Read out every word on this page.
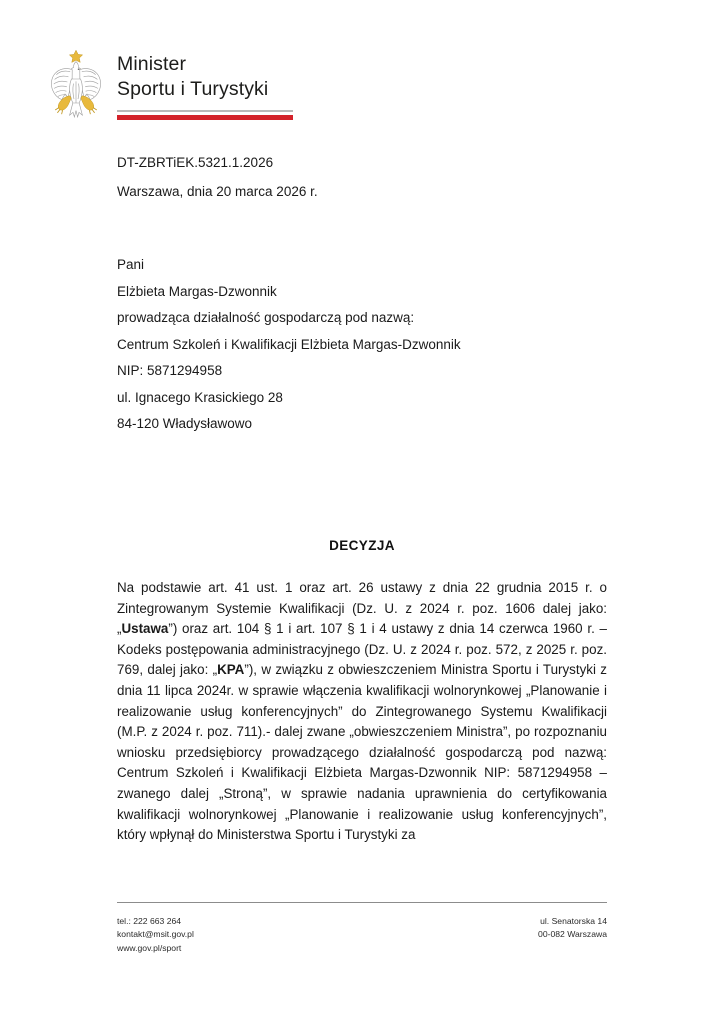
Minister
Sportu i Turystyki
DT-ZBRTiEK.5321.1.2026
Warszawa, dnia 20 marca 2026 r.
Pani
Elżbieta Margas-Dzwonnik
prowadząca działalność gospodarczą pod nazwą:
Centrum Szkoleń i Kwalifikacji Elżbieta Margas-Dzwonnik
NIP: 5871294958
ul. Ignacego Krasickiego 28
84-120 Władysławowo
DECYZJA

Na podstawie art. 41 ust. 1 oraz art. 26 ustawy z dnia 22 grudnia 2015 r. o Zintegrowanym Systemie Kwalifikacji (Dz. U. z 2024 r. poz. 1606 dalej jako: „Ustawa”) oraz art. 104 § 1 i art. 107 § 1 i 4 ustawy z dnia 14 czerwca 1960 r. – Kodeks postępowania administracyjnego (Dz. U. z 2024 r. poz. 572, z 2025 r. poz. 769, dalej jako: „KPA”), w związku z obwieszczeniem Ministra Sportu i Turystyki z dnia 11 lipca 2024r. w sprawie włączenia kwalifikacji wolnorynkowej „Planowanie i realizowanie usług konferencyjnych” do Zintegrowanego Systemu Kwalifikacji (M.P. z 2024 r. poz. 711).- dalej zwane „obwieszczeniem Ministra”, po rozpoznaniu wniosku przedsiębiorcy prowadzącego działalność gospodarczą pod nazwą: Centrum Szkoleń i Kwalifikacji Elżbieta Margas-Dzwonnik NIP: 5871294958 – zwanego dalej „Stroną”, w sprawie nadania uprawnienia do certyfikowania kwalifikacji wolnorynkowej „Planowanie i realizowanie usług konferencyjnych”, który wpłynął do Ministerstwa Sportu i Turystyki za

tel.: 222 663 264
kontakt@msit.gov.pl
www.gov.pl/sport
ul. Senatorska 14
00-082 Warszawa
